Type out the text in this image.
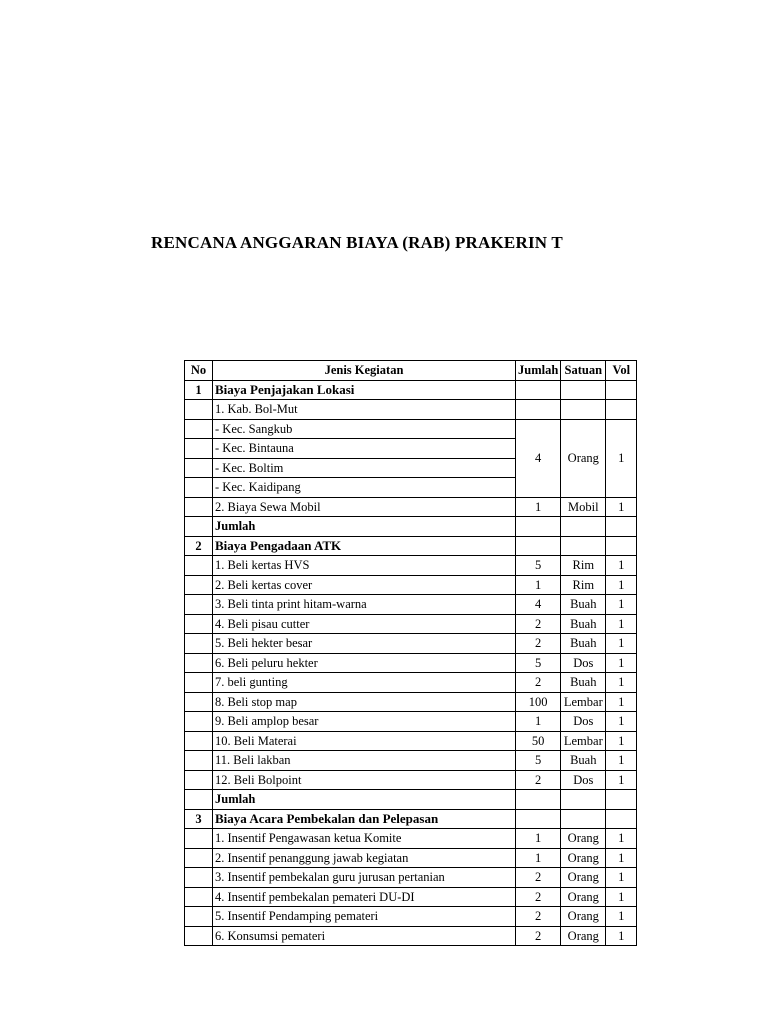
RENCANA ANGGARAN BIAYA (RAB) PRAKERIN T
No	Jenis Kegiatan	Jumlah	Satuan	Vol
1	Biaya Penjajakan Lokasi			
	1. Kab. Bol-Mut			
	- Kec. Sangkub	4	Orang	1
	- Kec. Bintauna			
	- Kec. Boltim			
	- Kec. Kaidipang			
	2. Biaya Sewa Mobil	1	Mobil	1
	Jumlah			
2	Biaya Pengadaan ATK			
	1. Beli kertas HVS	5	Rim	1
	2. Beli kertas cover	1	Rim	1
	3. Beli tinta print hitam-warna	4	Buah	1
	4. Beli pisau cutter	2	Buah	1
	5. Beli hekter besar	2	Buah	1
	6. Beli peluru hekter	5	Dos	1
	7. beli gunting	2	Buah	1
	8. Beli stop map	100	Lembar	1
	9. Beli amplop besar	1	Dos	1
	10. Beli Materai	50	Lembar	1
	11. Beli lakban	5	Buah	1
	12. Beli Bolpoint	2	Dos	1
	Jumlah			
3	Biaya Acara Pembekalan dan Pelepasan			
	1. Insentif Pengawasan ketua Komite	1	Orang	1
	2. Insentif penanggung jawab kegiatan	1	Orang	1
	3. Insentif pembekalan guru jurusan pertanian	2	Orang	1
	4. Insentif pembekalan pemateri DU-DI	2	Orang	1
	5. Insentif Pendamping pemateri	2	Orang	1
	6. Konsumsi pemateri	2	Orang	1
